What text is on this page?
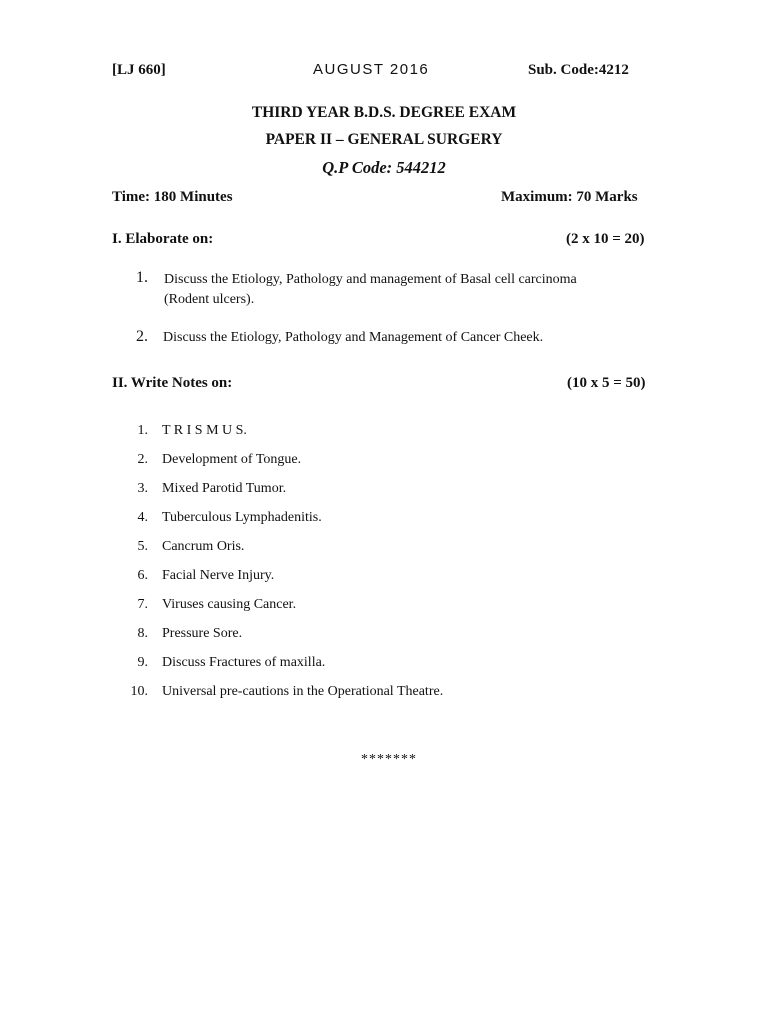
[LJ 660]	AUGUST 2016	Sub. Code:4212
THIRD YEAR B.D.S. DEGREE EXAM
PAPER II – GENERAL SURGERY
Q.P Code: 544212
Time: 180 Minutes	Maximum: 70 Marks
I. Elaborate on:	(2 x 10 = 20)
1. Discuss the Etiology, Pathology and management of Basal cell carcinoma (Rodent ulcers).
2. Discuss the Etiology, Pathology and Management of Cancer Cheek.
II. Write Notes on:	(10 x 5 = 50)
1. T R I S M U S.
2. Development of Tongue.
3. Mixed Parotid Tumor.
4. Tuberculous Lymphadenitis.
5. Cancrum Oris.
6. Facial Nerve Injury.
7. Viruses causing Cancer.
8. Pressure Sore.
9. Discuss Fractures of maxilla.
10. Universal pre-cautions in the Operational Theatre.
*******
